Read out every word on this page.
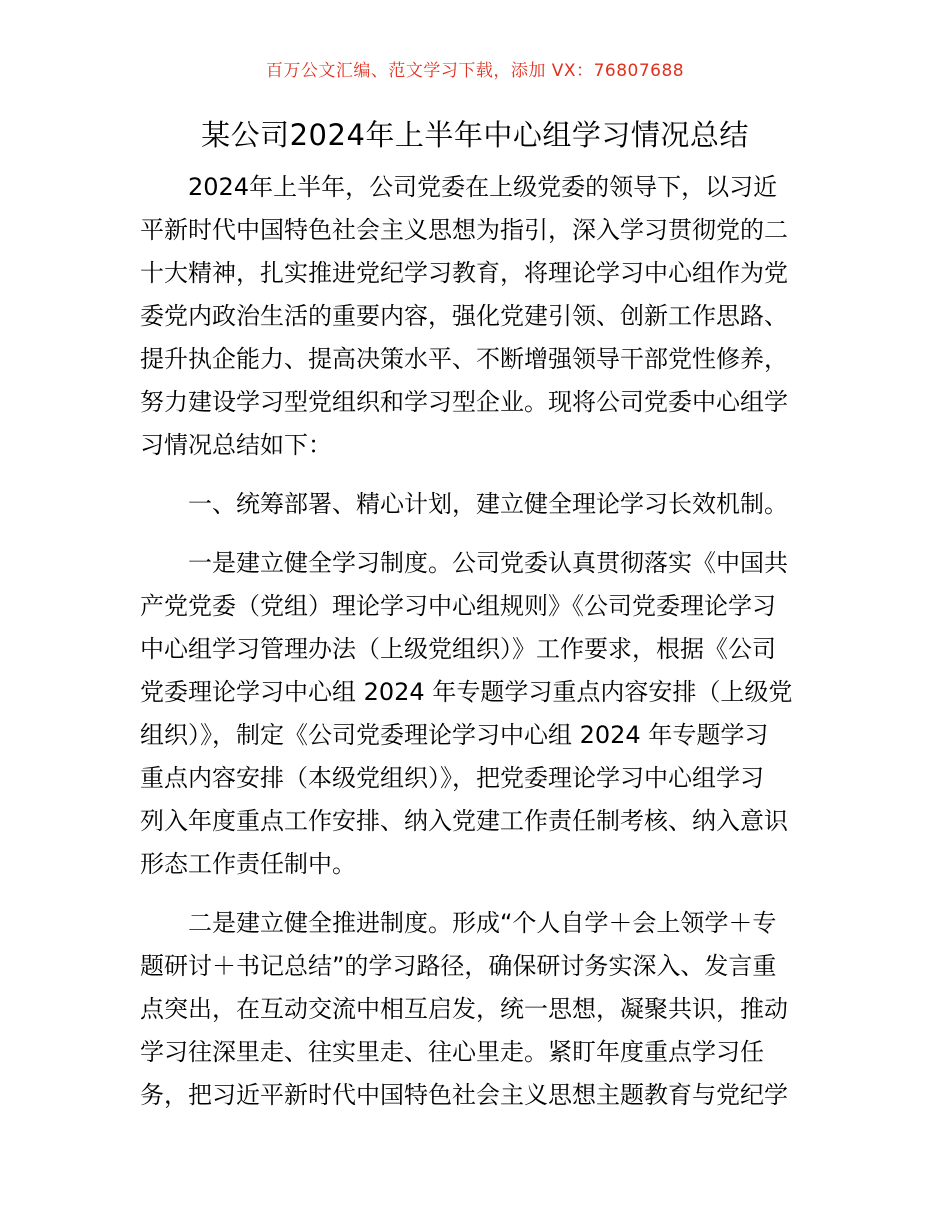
百万公文汇编、范文学习下载，添加 VX：76807688
某公司2024年上半年中心组学习情况总结

2024年上半年，公司党委在上级党委的领导下，以习近
平新时代中国特色社会主义思想为指引，深入学习贯彻党的二
十大精神，扎实推进党纪学习教育，将理论学习中心组作为党
委党内政治生活的重要内容，强化党建引领、创新工作思路、
提升执企能力、提高决策水平、不断增强领导干部党性修养，
努力建设学习型党组织和学习型企业。现将公司党委中心组学
习情况总结如下：

一、统筹部署、精心计划，建立健全理论学习长效机制。

一是建立健全学习制度。公司党委认真贯彻落实《中国共
产党党委（党组）理论学习中心组规则》《公司党委理论学习
中心组学习管理办法（上级党组织）》工作要求，根据《公司
党委理论学习中心组 2024 年专题学习重点内容安排（上级党
组织）》，制定《公司党委理论学习中心组 2024 年专题学习
重点内容安排（本级党组织）》，把党委理论学习中心组学习
列入年度重点工作安排、纳入党建工作责任制考核、纳入意识
形态工作责任制中。

二是建立健全推进制度。形成“个人自学＋会上领学＋专
题研讨＋书记总结”的学习路径，确保研讨务实深入、发言重
点突出，在互动交流中相互启发，统一思想，凝聚共识，推动
学习往深里走、往实里走、往心里走。紧盯年度重点学习任
务，把习近平新时代中国特色社会主义思想主题教育与党纪学
